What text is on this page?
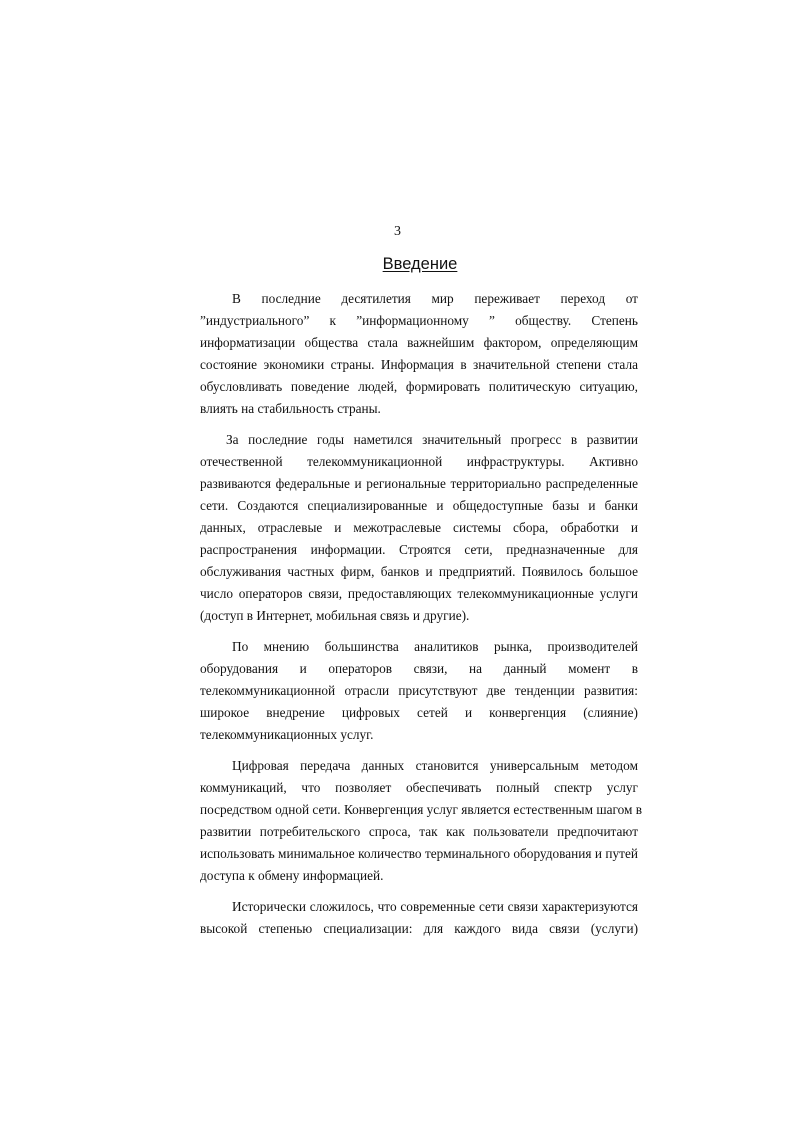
3
Введение
В последние десятилетия мир переживает переход от
”индустриального” к ”информационному ” обществу. Степень
информатизации общества стала важнейшим фактором, определяющим
состояние экономики страны. Информация в значительной степени стала
обусловливать поведение людей, формировать политическую ситуацию,
влиять на стабильность страны.
За последние годы наметился значительный прогресс в развитии
отечественной телекоммуникационной инфраструктуры. Активно
развиваются федеральные и региональные территориально распределенные
сети. Создаются специализированные и общедоступные базы и банки
данных, отраслевые и межотраслевые системы сбора, обработки и
распространения информации. Строятся сети, предназначенные для
обслуживания частных фирм, банков и предприятий. Появилось большое
число операторов связи, предоставляющих телекоммуникационные услуги
(доступ в Интернет, мобильная связь и другие).
По мнению большинства аналитиков рынка, производителей
оборудования и операторов связи, на данный момент в
телекоммуникационной отрасли присутствуют две тенденции развития:
широкое внедрение цифровых сетей и конвергенция (слияние)
телекоммуникационных услуг.
Цифровая передача данных становится универсальным методом
коммуникаций, что позволяет обеспечивать полный спектр услуг
посредством одной сети. Конвергенция услуг является естественным шагом в
развитии потребительского спроса, так как пользователи предпочитают
использовать минимальное количество терминального оборудования и путей
доступа к обмену информацией.
Исторически сложилось, что современные сети связи характеризуются
высокой степенью специализации: для каждого вида связи (услуги)
